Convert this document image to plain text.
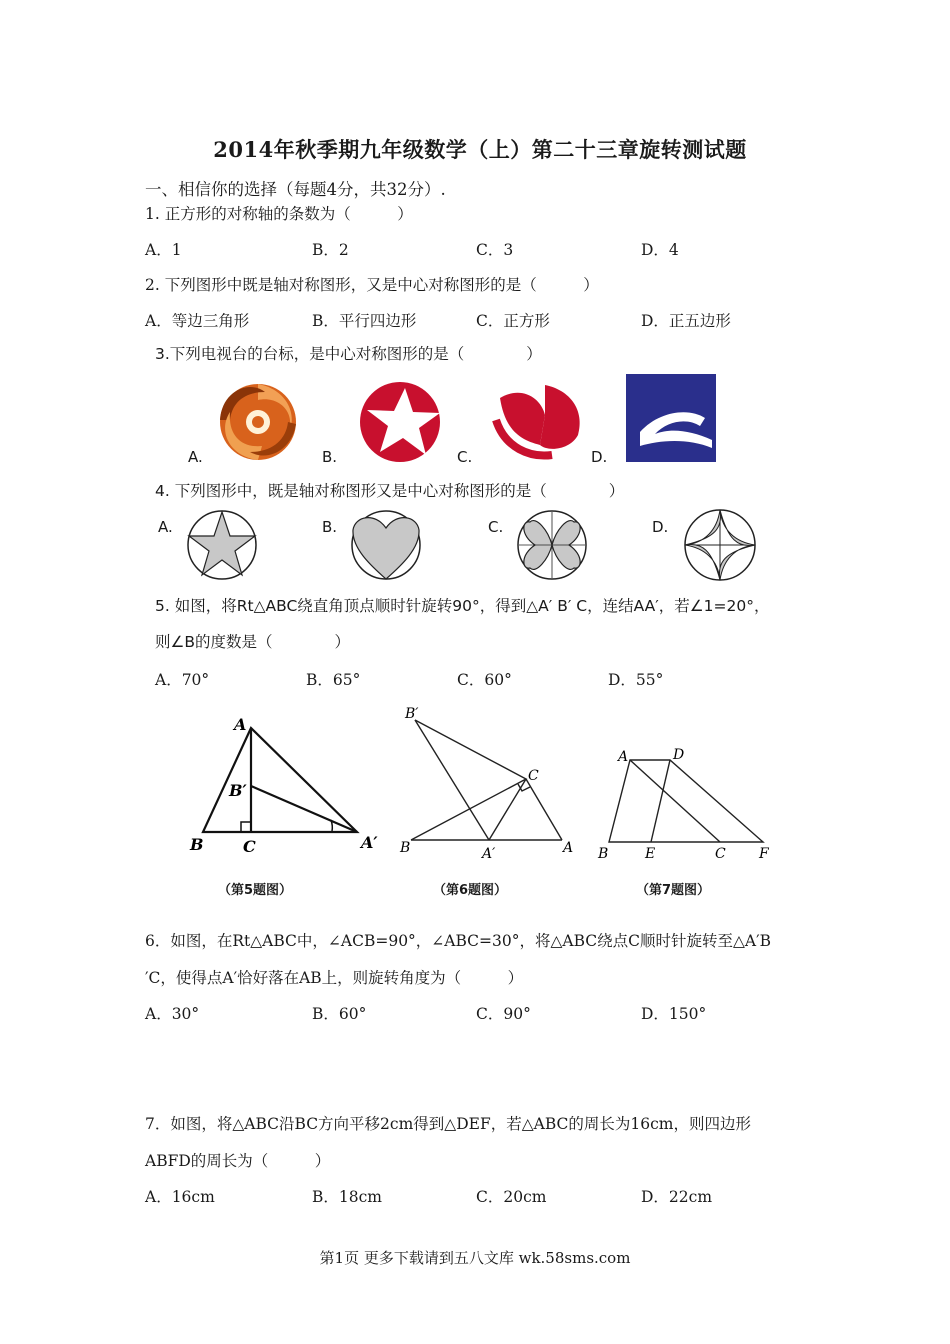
2014年秋季期九年级数学（上）第二十三章旋转测试题
一、相信你的选择（每题4分，共32分）.
1. 正方形的对称轴的条数为（　　　）
A．1	B．2	C．3	D．4
2. 下列图形中既是轴对称图形，又是中心对称图形的是（　　　）
A．等边三角形	B．平行四边形	C．正方形	D．正五边形
3.下列电视台的台标，是中心对称图形的是（　　　　）
A.	B.	C.	D.
4. 下列图形中，既是轴对称图形又是中心对称图形的是（　　　　）
A.	B.	C.	D.
5. 如图，将Rt△ABC绕直角顶点顺时针旋转90°，得到△A′ B′ C，连结AA′，若∠1=20°，
则∠B的度数是（　　　　）
A．70°	B．65°	C．60°	D．55°
A
B′
B C	A′
（第5题图）
B′
C
B	A′	A
（第6题图）
A	D
B	E	C F
（第7题图）
6．如图，在Rt△ABC中，∠ACB=90°，∠ABC=30°，将△ABC绕点C顺时针旋转至△A′B
′C，使得点A′恰好落在AB上，则旋转角度为（　　　）
A．30°	B．60°	C．90°	D．150°
7．如图，将△ABC沿BC方向平移2cm得到△DEF，若△ABC的周长为16cm，则四边形
ABFD的周长为（　　　）
A．16cm	B．18cm	C．20cm	D．22cm
第1页 更多下载请到五八文库 wk.58sms.com
